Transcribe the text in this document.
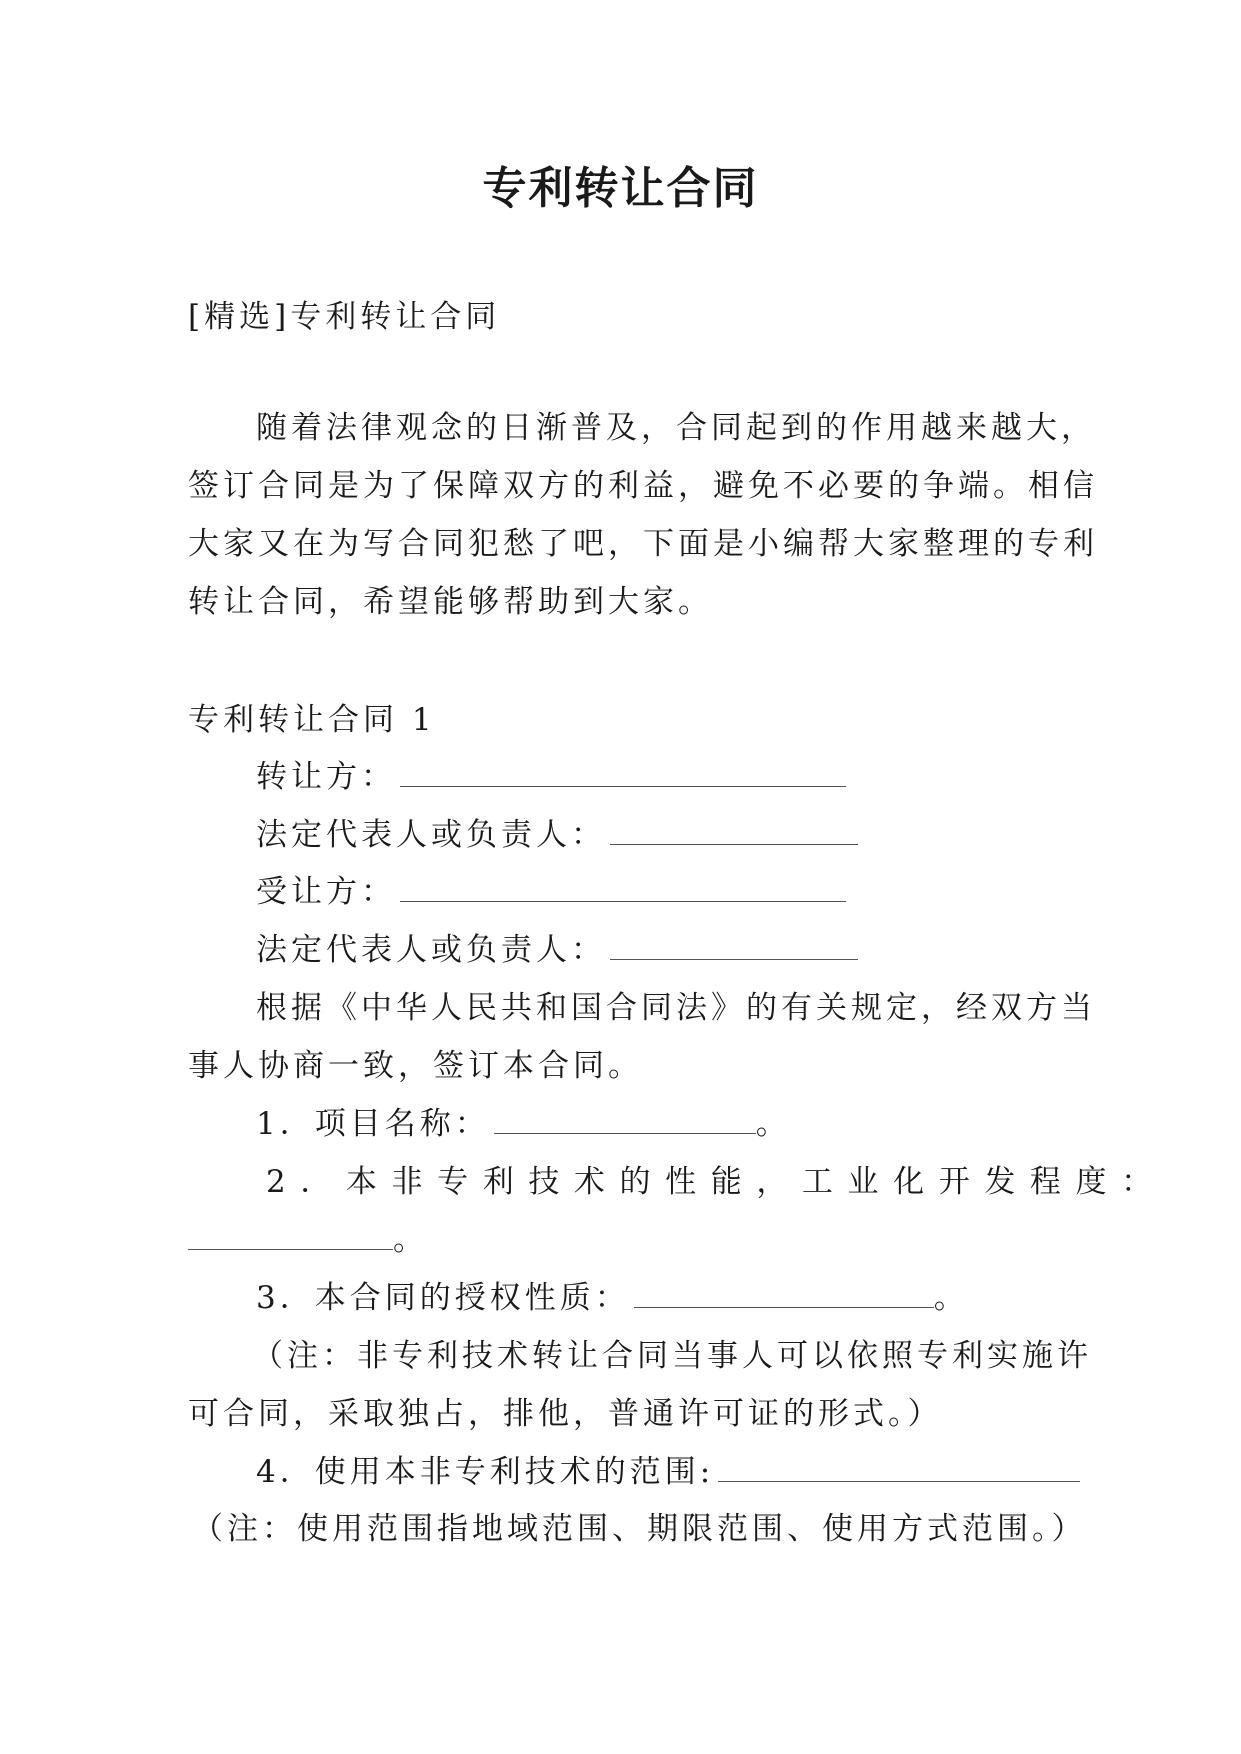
专利转让合同
[精选]专利转让合同
随着法律观念的日渐普及，合同起到的作用越来越大，
签订合同是为了保障双方的利益，避免不必要的争端。相信
大家又在为写合同犯愁了吧，下面是小编帮大家整理的专利
转让合同，希望能够帮助到大家。
专利转让合同 1
转让方：
法定代表人或负责人：
受让方：
法定代表人或负责人：
根据《中华人民共和国合同法》的有关规定，经双方当
事人协商一致，签订本合同。
1．项目名称：	。
2．本非专利技术的性能，工业化开发程度：
。
3．本合同的授权性质：	。
（注：非专利技术转让合同当事人可以依照专利实施许
可合同，采取独占，排他，普通许可证的形式。）
4．使用本非专利技术的范围:
（注：使用范围指地域范围、期限范围、使用方式范围。）
